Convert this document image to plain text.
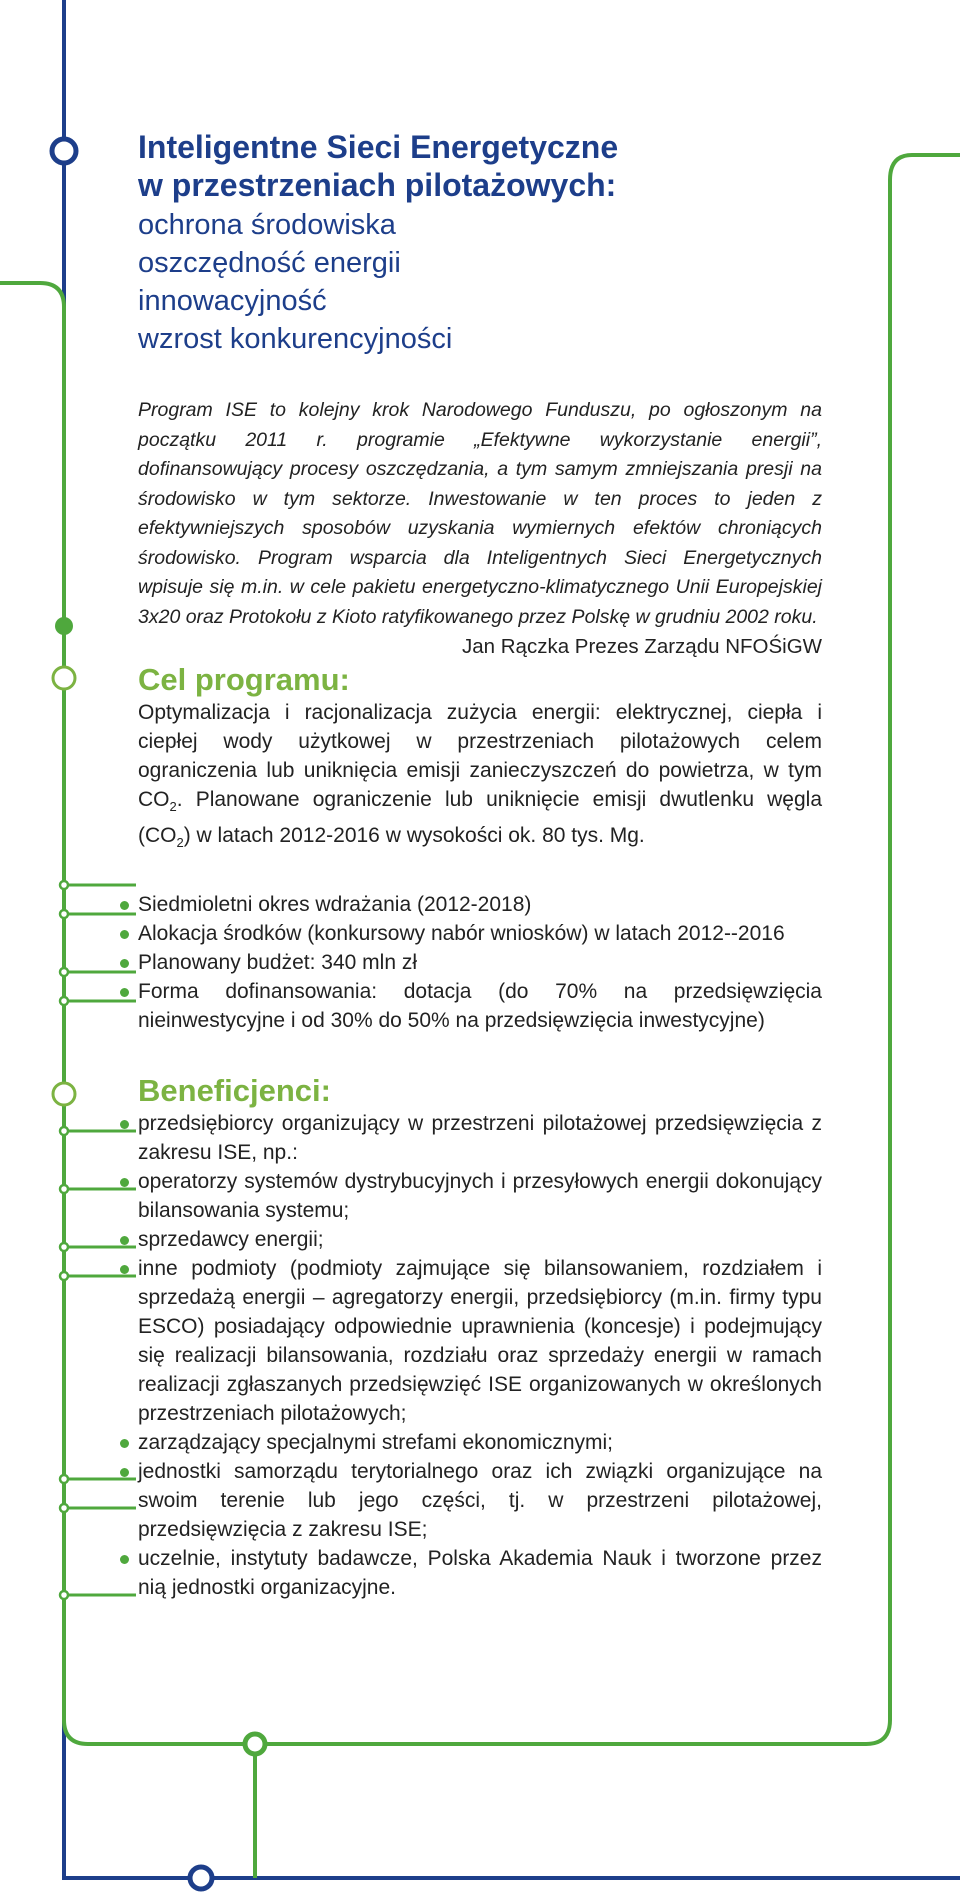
Inteligentne Sieci Energetyczne
w przestrzeniach pilotażowych:
ochrona środowiska
oszczędność energii
innowacyjność
wzrost konkurencyjności

Program ISE to kolejny krok Narodowego Funduszu, po ogłoszonym na początku 2011 r. programie „Efektywne wykorzystanie energii”, dofinansowujący procesy oszczędzania, a tym samym zmniejszania presji na środowisko w tym sektorze. Inwestowanie w ten proces to jeden z efektywniejszych sposobów uzyskania wymiernych efektów chroniących środowisko. Program wsparcia dla Inteligentnych Sieci Energetycznych wpisuje się m.in. w cele pakietu energetyczno-klimatycznego Unii Europejskiej 3x20 oraz Protokołu z Kioto ratyfikowanego przez Polskę w grudniu 2002 roku.

Jan Rączka Prezes Zarządu NFOŚiGW
Cel programu:
Optymalizacja i racjonalizacja zużycia energii: elektrycznej, ciepła i ciepłej wody użytkowej w przestrzeniach pilotażowych celem ograniczenia lub uniknięcia emisji zanieczyszczeń do powietrza, w tym $CO_2$. Planowane ograniczenie lub uniknięcie emisji dwutlenku węgla $(CO_2)$ w latach 2012-2016 w wysokości ok. 80 tys. Mg.
Siedmioletni okres wdrażania (2012-2018)
Alokacja środków (konkursowy nabór wniosków) w latach 2012--2016
Planowany budżet: 340 mln zł
Forma dofinansowania: dotacja (do 70% na przedsięwzięcia nieinwestycyjne i od 30% do 50% na przedsięwzięcia inwestycyjne)
Beneficjenci:
przedsiębiorcy organizujący w przestrzeni pilotażowej przedsięwzięcia z zakresu ISE, np.:
operatorzy systemów dystrybucyjnych i przesyłowych energii dokonujący bilansowania systemu;
sprzedawcy energii;
inne podmioty (podmioty zajmujące się bilansowaniem, rozdziałem i sprzedażą energii – agregatorzy energii, przedsiębiorcy (m.in. firmy typu ESCO) posiadający odpowiednie uprawnienia (koncesje) i podejmujący się realizacji bilansowania, rozdziału oraz sprzedaży energii w ramach realizacji zgłaszanych przedsięwzięć ISE organizowanych w określonych przestrzeniach pilotażowych;
zarządzający specjalnymi strefami ekonomicznymi;
jednostki samorządu terytorialnego oraz ich związki organizujące na swoim terenie lub jego części, tj. w przestrzeni pilotażowej, przedsięwzięcia z zakresu ISE;
uczelnie, instytuty badawcze, Polska Akademia Nauk i tworzone przez nią jednostki organizacyjne.
